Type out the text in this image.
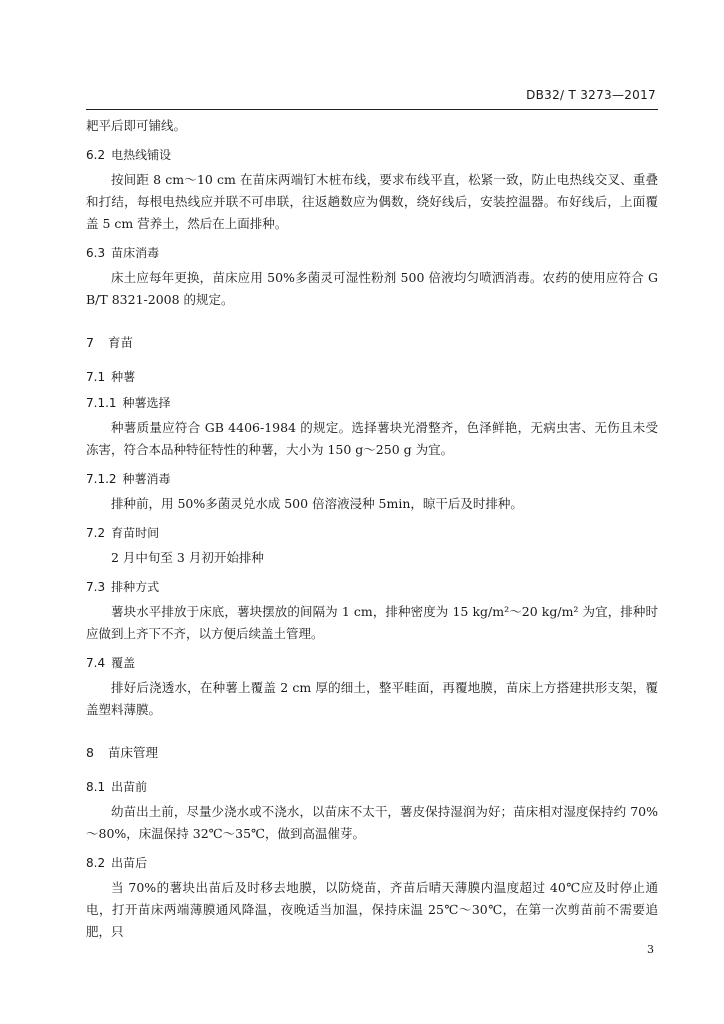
DB32/ T 3273—2017

耙平后即可铺线。

6.2 电热线铺设

按间距 8 cm～10 cm 在苗床两端钉木桩布线，要求布线平直，松紧一致，防止电热线交叉、重叠和打结，每根电热线应并联不可串联，往返趟数应为偶数，绕好线后，安装控温器。布好线后，上面覆盖 5 cm 营养土，然后在上面排种。

6.3 苗床消毒

床土应每年更换，苗床应用 50%多菌灵可湿性粉剂 500 倍液均匀喷洒消毒。农药的使用应符合 GB/T 8321-2008 的规定。

7 育苗
7.1 种薯
7.1.1 种薯选择

种薯质量应符合 GB 4406-1984 的规定。选择薯块光滑整齐，色泽鲜艳，无病虫害、无伤且未受冻害，符合本品种特征特性的种薯，大小为 150 g～250 g 为宜。

7.1.2 种薯消毒

排种前，用 50%多菌灵兑水成 500 倍溶液浸种 5min，晾干后及时排种。

7.2 育苗时间

2 月中旬至 3 月初开始排种

7.3 排种方式

薯块水平排放于床底，薯块摆放的间隔为 1 cm，排种密度为 15 kg/m²～20 kg/m² 为宜，排种时应做到上齐下不齐，以方便后续盖土管理。

7.4 覆盖

排好后浇透水，在种薯上覆盖 2 cm 厚的细土，整平畦面，再覆地膜，苗床上方搭建拱形支架，覆盖塑料薄膜。

8 苗床管理
8.1 出苗前

幼苗出土前，尽量少浇水或不浇水，以苗床不太干，薯皮保持湿润为好；苗床相对湿度保持约 70%～80%，床温保持 32℃～35℃，做到高温催芽。

8.2 出苗后

当 70%的薯块出苗后及时移去地膜，以防烧苗，齐苗后晴天薄膜内温度超过 40℃应及时停止通电，打开苗床两端薄膜通风降温，夜晚适当加温，保持床温 25℃～30℃，在第一次剪苗前不需要追肥，只

3
